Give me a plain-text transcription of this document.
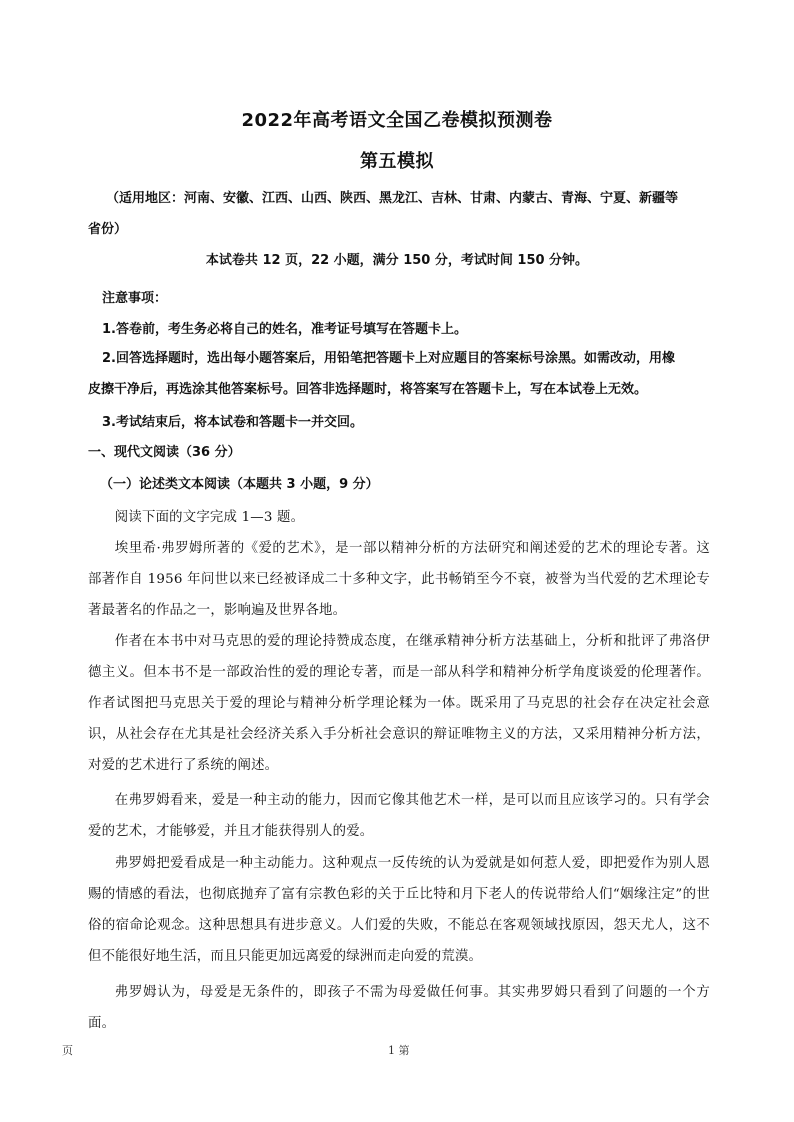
2022年高考语文全国乙卷模拟预测卷
第五模拟
（适用地区：河南、安徽、江西、山西、陕西、黑龙江、吉林、甘肃、内蒙古、青海、宁夏、新疆等
省份）
本试卷共 12 页，22 小题，满分 150 分，考试时间 150 分钟。
注意事项：
1.答卷前，考生务必将自己的姓名，准考证号填写在答题卡上。
2.回答选择题时，选出每小题答案后，用铅笔把答题卡上对应题目的答案标号涂黑。如需改动，用橡
皮擦干净后，再选涂其他答案标号。回答非选择题时，将答案写在答题卡上，写在本试卷上无效。
3.考试结束后，将本试卷和答题卡一并交回。
一、现代文阅读（36 分）
（一）论述类文本阅读（本题共 3 小题，9 分）
阅读下面的文字完成 1—3 题。
埃里希·弗罗姆所著的《爱的艺术》，是一部以精神分析的方法研究和阐述爱的艺术的理论专著。这部著作自 1956 年问世以来已经被译成二十多种文字，此书畅销至今不衰，被誉为当代爱的艺术理论专著最著名的作品之一，影响遍及世界各地。
作者在本书中对马克思的爱的理论持赞成态度，在继承精神分析方法基础上，分析和批评了弗洛伊德主义。但本书不是一部政治性的爱的理论专著，而是一部从科学和精神分析学角度谈爱的伦理著作。作者试图把马克思关于爱的理论与精神分析学理论糅为一体。既采用了马克思的社会存在决定社会意识，从社会存在尤其是社会经济关系入手分析社会意识的辩证唯物主义的方法，又采用精神分析方法，对爱的艺术进行了系统的阐述。
在弗罗姆看来，爱是一种主动的能力，因而它像其他艺术一样，是可以而且应该学习的。只有学会爱的艺术，才能够爱，并且才能获得别人的爱。
弗罗姆把爱看成是一种主动能力。这种观点一反传统的认为爱就是如何惹人爱，即把爱作为别人恩赐的情感的看法，也彻底抛弃了富有宗教色彩的关于丘比特和月下老人的传说带给人们“姻缘注定”的世俗的宿命论观念。这种思想具有进步意义。人们爱的失败，不能总在客观领域找原因，怨天尤人，这不但不能很好地生活，而且只能更加远离爱的绿洲而走向爱的荒漠。
弗罗姆认为，母爱是无条件的，即孩子不需为母爱做任何事。其实弗罗姆只看到了问题的一个方面。
页	1 第
